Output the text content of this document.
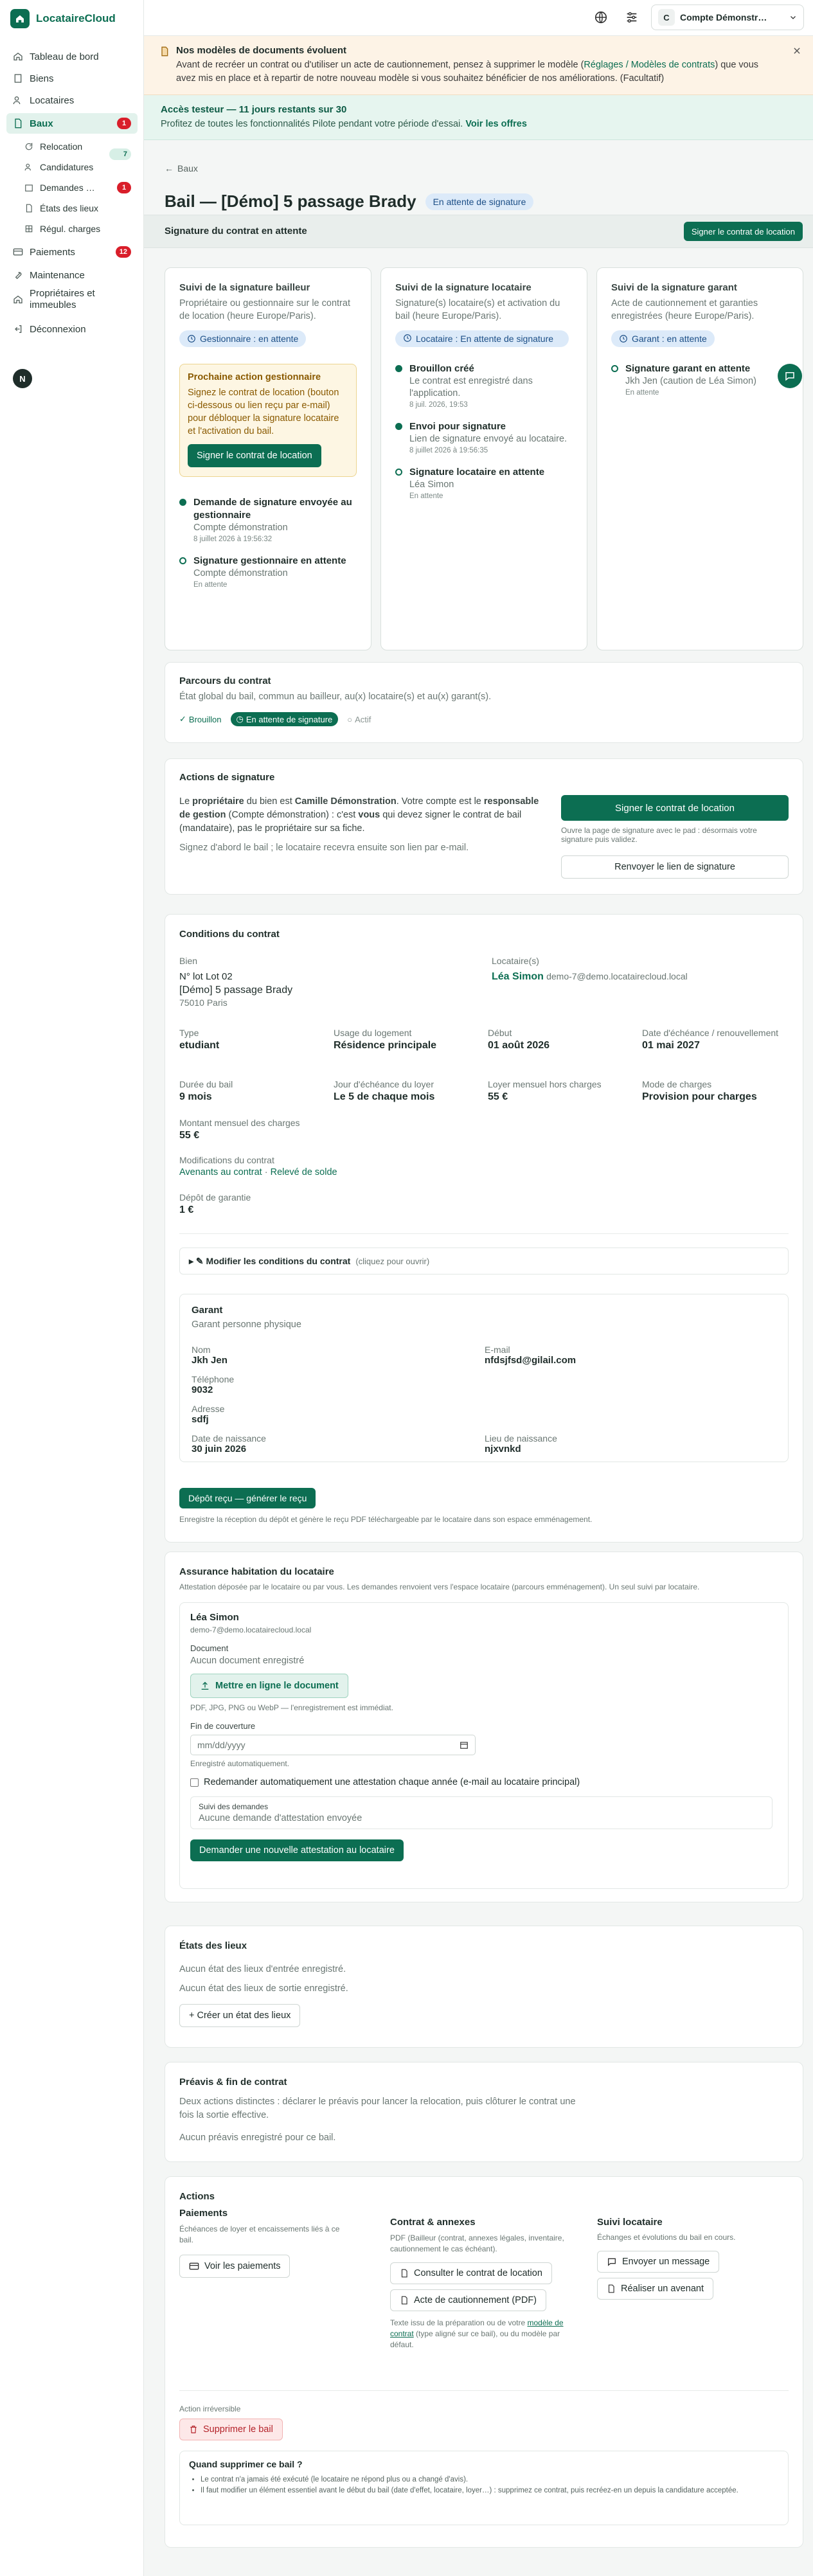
LocataireCloud
Tableau de bord
Biens
Locataires
Baux	1
Relocation
7
Candidatures
Demandes …	1
États des lieux
Régul. charges
Paiements	12
Maintenance
Propriétaires et immeubles
Déconnexion
N
C	Compte Démonstr…
Nos modèles de documents évoluent
Avant de recréer un contrat ou d'utiliser un acte de cautionnement, pensez à supprimer le modèle (Réglages / Modèles de contrats) que vous avez mis en place et à repartir de notre nouveau modèle si vous souhaitez bénéficier de nos améliorations. (Facultatif)
Accès testeur — 11 jours restants sur 30
Profitez de toutes les fonctionnalités Pilote pendant votre période d'essai. Voir les offres
← Baux
Bail — [Démo] 5 passage Brady	En attente de signature
Signature du contrat en attente	Signer le contrat de location
Suivi de la signature bailleur

Propriétaire ou gestionnaire sur le contrat de location (heure Europe/Paris).

Gestionnaire : en attente
Prochaine action gestionnaire
Signez le contrat de location (bouton ci-dessous ou lien reçu par e-mail) pour débloquer la signature locataire et l'activation du bail.
Signer le contrat de location
Demande de signature envoyée au gestionnaire
Compte démonstration
8 juillet 2026 à 19:56:32
Signature gestionnaire en attente
Compte démonstration
En attente
Suivi de la signature locataire

Signature(s) locataire(s) et activation du bail (heure Europe/Paris).

Locataire : En attente de signature
Brouillon créé
Le contrat est enregistré dans l'application.
8 juil. 2026, 19:53
Envoi pour signature
Lien de signature envoyé au locataire.
8 juillet 2026 à 19:56:35
Signature locataire en attente
Léa Simon
En attente
Suivi de la signature garant

Acte de cautionnement et garanties enregistrées (heure Europe/Paris).

Garant : en attente
Signature garant en attente
Jkh Jen (caution de Léa Simon)
En attente
Parcours du contrat
État global du bail, commun au bailleur, au(x) locataire(s) et au(x) garant(s).
✓ Brouillon ◷ En attente de signature ○ Actif
Actions de signature
Le propriétaire du bien est Camille Démonstration. Votre compte est le responsable de gestion (Compte démonstration) : c'est vous qui devez signer le contrat de bail (mandataire), pas le propriétaire sur sa fiche.
Signez d'abord le bail ; le locataire recevra ensuite son lien par e-mail.
Signer le contrat de location
Ouvre la page de signature avec le pad : désormais votre signature puis validez.
Renvoyer le lien de signature
Conditions du contrat
Bien
N° lot Lot 02
[Démo] 5 passage Brady
75010 Paris
Locataire(s)
Léa Simon demo-7@demo.locatairecloud.local
Type
etudiant
Usage du logement
Résidence principale
Début
01 août 2026
Date d'échéance / renouvellement
01 mai 2027
Durée du bail
9 mois
Jour d'échéance du loyer
Le 5 de chaque mois
Loyer mensuel hors charges
55 €
Mode de charges
Provision pour charges
Montant mensuel des charges
55 €
Modifications du contrat
Avenants au contrat · Relevé de solde
Dépôt de garantie
1 €
▸ ✎ Modifier les conditions du contrat (cliquez pour ouvrir)
Garant
Garant personne physique
Nom
Jkh Jen
E-mail
nfdsjfsd@gilail.com
Téléphone
9032
Adresse
sdfj
Date de naissance
30 juin 2026
Lieu de naissance
njxvnkd
Dépôt reçu — générer le reçu
Enregistre la réception du dépôt et génère le reçu PDF téléchargeable par le locataire dans son espace emménagement.
Assurance habitation du locataire
Attestation déposée par le locataire ou par vous. Les demandes renvoient vers l'espace locataire (parcours emménagement). Un seul suivi par locataire.
Léa Simon
demo-7@demo.locatairecloud.local
Document
Aucun document enregistré
Mettre en ligne le document
PDF, JPG, PNG ou WebP — l'enregistrement est immédiat.
Fin de couverture
mm/dd/yyyy
Enregistré automatiquement.
Redemander automatiquement une attestation chaque année (e-mail au locataire principal)
Suivi des demandes
Aucune demande d'attestation envoyée
Demander une nouvelle attestation au locataire
États des lieux
Aucun état des lieux d'entrée enregistré.
Aucun état des lieux de sortie enregistré.
+ Créer un état des lieux
Préavis & fin de contrat
Deux actions distinctes : déclarer le préavis pour lancer la relocation, puis clôturer le contrat une fois la sortie effective.
Aucun préavis enregistré pour ce bail.
Actions
Paiements
Échéances de loyer et encaissements liés à ce bail.
Voir les paiements
Contrat & annexes
PDF (Bailleur (contrat, annexes légales, inventaire, cautionnement le cas échéant).
Consulter le contrat de location

Acte de cautionnement (PDF)
Texte issu de la préparation ou de votre modèle de contrat (type aligné sur ce bail), ou du modèle par défaut.
Suivi locataire
Échanges et évolutions du bail en cours.
Envoyer un message
Réaliser un avenant
Action irréversible
Supprimer le bail
Quand supprimer ce bail ?
• Le contrat n'a jamais été exécuté (le locataire ne répond plus ou a changé d'avis).
• Il faut modifier un élément essentiel avant le début du bail (date d'effet, locataire, loyer…) : supprimez ce contrat, puis recréez-en un depuis la candidature acceptée.
